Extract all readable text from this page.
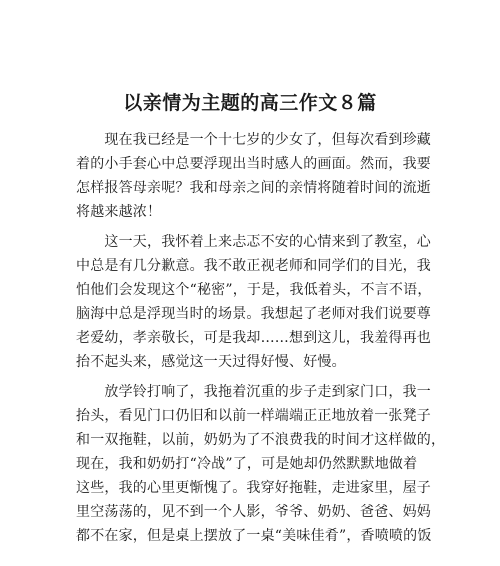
以亲情为主题的高三作文８篇
　　现在我已经是一个十七岁的少女了，但每次看到珍藏
着的小手套心中总要浮现出当时感人的画面。然而，我要
怎样报答母亲呢？我和母亲之间的亲情将随着时间的流逝
将越来越浓！
　　这一天，我怀着上来忐忑不安的心情来到了教室，心
中总是有几分歉意。我不敢正视老师和同学们的目光，我
怕他们会发现这个“秘密”，于是，我低着头，不言不语，
脑海中总是浮现当时的场景。我想起了老师对我们说要尊
老爱幼，孝亲敬长，可是我却……想到这儿，我羞得再也
抬不起头来，感觉这一天过得好慢、好慢。
　　放学铃打响了，我拖着沉重的步子走到家门口，我一
抬头，看见门口仍旧和以前一样端端正正地放着一张凳子
和一双拖鞋，以前，奶奶为了不浪费我的时间才这样做的，
现在，我和奶奶打“冷战”了，可是她却仍然默默地做着
这些，我的心里更惭愧了。我穿好拖鞋，走进家里，屋子
里空荡荡的，见不到一个人影，爷爷、奶奶、爸爸、妈妈
都不在家，但是桌上摆放了一桌“美味佳肴”，香喷喷的饭
